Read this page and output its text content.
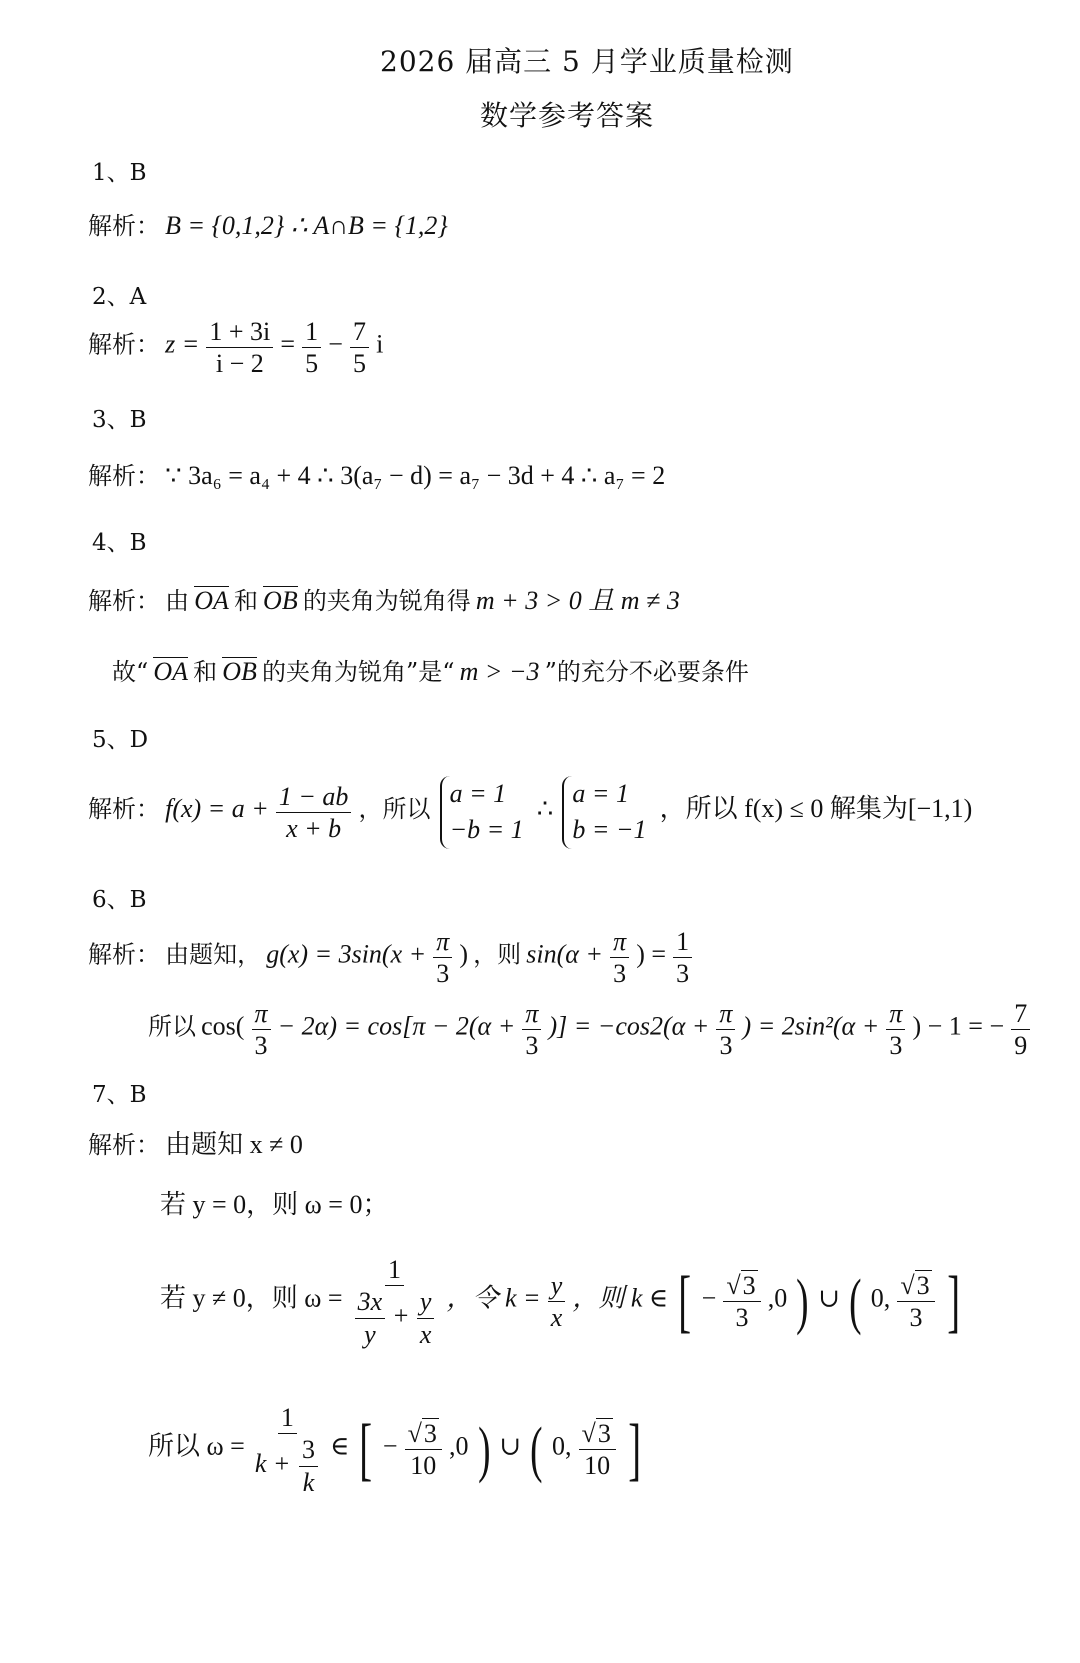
2026 届高三 5 月学业质量检测
数学参考答案
1、B
解析： B = {0,1,2} ∴ A∩B = {1,2}
2、A
解析： $z = \frac{1 + 3i}{i - 2} = \frac{1}{5} - \frac{7}{5}$ i
3、B
解析： ∵ 3a₆ = a₄ + 4 ∴ 3(a₇ − d) = a₇ − 3d + 4 ∴ a₇ = 2
4、B
解析： 由 OA 和 OB 的夹角为锐角得 m + 3 > 0 且 m ≠ 3
故“ OA 和 OB 的夹角为锐角”是“ m > −3 ”的充分不必要条件
5、D
解析： $f(x) = a + \frac{1 - ab}{x + b}$ ，所以
a = 1
−b = 1
∴
a = 1
b = −1
，所以 f(x) ≤ 0 解集为[−1,1)
6、B
解析： 由题知， $g(x) = 3\sin(x + \frac{\pi}{3}$ ) ，则 $\sin(\alpha + \frac{\pi}{3}$ ) = $\frac{1}{3}$
所以 $\cos( \frac{\pi}{3} - 2\alpha) = \cos[\pi - 2(\alpha + \frac{\pi}{3}$ )] = $-\cos 2(\alpha + \frac{\pi}{3}$ ) = $2\sin^2(\alpha + \frac{\pi}{3}$ ) − 1 = − $\frac{7}{9}$
7、B
解析： 由题知 x ≠ 0
若 y = 0，则 ω = 0；
若 y ≠ 0，则 ω =
1
$\frac{3x}{y} + \frac{y}{x}$ ，令 $k = \frac{y}{x}$ ，则 k ∈ [ − $\frac{√3}{3} ,0$ ) ∪ ( 0, $\frac{√3}{3}$ ]
所以 $\omega = \frac{1}{k + \frac{3}{k}}$ ∈ [ − $\frac{√3}{10} ,0$ ) ∪ ( 0, $\frac{√3}{10}$ ]
